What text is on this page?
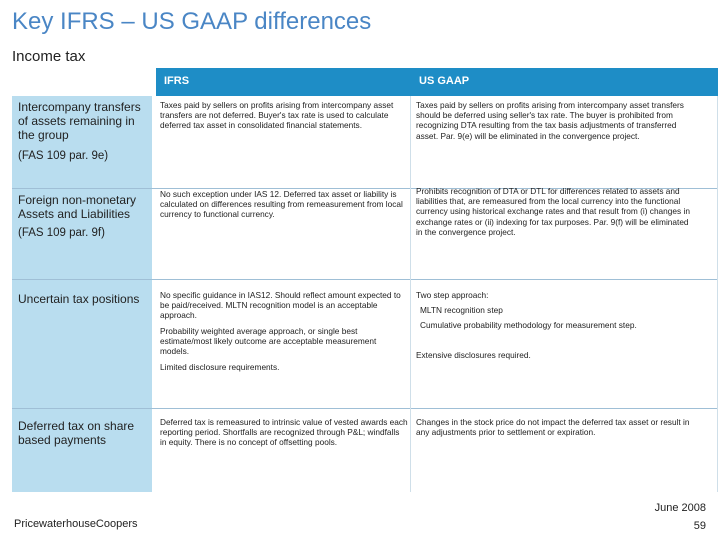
Key IFRS – US GAAP differences
Income tax
IFRS	US GAAP
Intercompany transfers of assets remaining in the group
(FAS 109 par. 9e)
Foreign non-monetary Assets and Liabilities
(FAS 109 par. 9f)
Uncertain tax positions
Deferred tax on share based payments
Taxes paid by sellers on profits arising from intercompany asset transfers are not deferred. Buyer's tax rate is used to calculate deferred tax asset in consolidated financial statements.
Taxes paid by sellers on profits arising from intercompany asset transfers should be deferred using seller's tax rate. The buyer is prohibited from recognizing DTA resulting from the tax basis adjustments of transferred asset. Par. 9(e) will be eliminated in the convergence project.
No such exception under IAS 12. Deferred tax asset or liability is calculated on differences resulting from remeasurement from local currency to functional currency.
Prohibits recognition of DTA or DTL for differences related to assets and liabilities that, are remeasured from the local currency into the functional currency using historical exchange rates and that result from (i) changes in exchange rates or (ii) indexing for tax purposes. Par. 9(f) will be eliminated in the convergence project.
No specific guidance in IAS12. Should reflect amount expected to be paid/received. MLTN recognition model is an acceptable approach.
Probability weighted average approach, or single best estimate/most likely outcome are acceptable measurement models.
Limited disclosure requirements.
Two step approach:
MLTN recognition step
Cumulative probability methodology for measurement step.
Extensive disclosures required.
Deferred tax is remeasured to intrinsic value of vested awards each reporting period. Shortfalls are recognized through P&L; windfalls in equity. There is no concept of offsetting pools.
Changes in the stock price do not impact the deferred tax asset or result in any adjustments prior to settlement or expiration.
PricewaterhouseCoopers
June 2008
59
